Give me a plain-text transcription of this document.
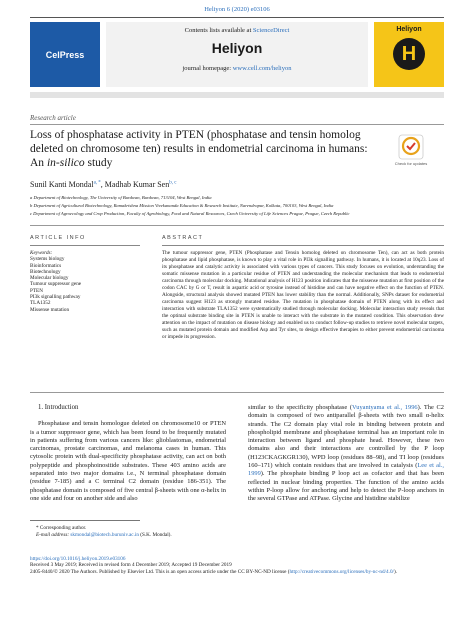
Heliyon 6 (2020) e03106
CelPress
Contents lists available at ScienceDirect
Heliyon
journal homepage: www.cell.com/heliyon
Heliyon
H
Research article
Loss of phosphatase activity in PTEN (phosphatase and tensin homolog deleted on chromosome ten) results in endometrial carcinoma in humans: An in-silico study	Check for updates
Sunil Kanti Mondal$^{a, *}$, Madhab Kumar Sen$^{b, c}$
a Department of Biotechnology, The University of Burdwan, Burdwan, 713104, West Bengal, India
b Department of Agricultural Biotechnology, Ramakrishna Mission Vivekananda Education & Research Institute, Narendrapur, Kolkata, 700103, West Bengal, India
c Department of Agroecology and Crop Production, Faculty of Agrobiology, Food and Natural Resources, Czech University of Life Sciences Prague, Prague, Czech Republic
ARTICLE INFO	ABSTRACT
Keywords:
Systems biology
Bioinformatics
Biotechnology
Molecular biology
Tumour suppressor gene
PTEN
PI3k signalling pathway
TLA1352
Missense mutation
The tumour suppressor gene, PTEN (Phosphatase and Tensin homolog deleted on chromosome Ten), can act as both protein phosphatase and lipid phosphatase, is known to play a vital role in PI3k signalling pathway. In humans, it is located at 10q23. Loss of its phosphatase and catalytic activity is associated with various types of cancers. This study focuses on evolution, understanding the somatic missense mutation in a particular residue of PTEN and understanding the molecular mechanism that leads to endometrial carcinoma through molecular docking. Mutational analysis of H123 position indicates that the missense mutation at first position of the codon CAC by G or T, result in aspartic acid or tyrosine instead of histidine and can have negative effect on the function of PTEN. Alongside, structural analysis showed mutated PTEN has lower stability than the normal. Additionally, SNPs dataset for endometrial carcinoma suggest H123 as strongly mutated residue. The mutation in phosphatase domain of PTEN along with its effect and interaction with substrate TLA1352 were systematically studied through molecular docking. Molecular interaction study reveals that the optimal substrate binding site in PTEN is unable to interact with the substrate in the mutated condition. This observation drew attention on the impact of mutation on disease biology and enabled us to conduct follow-up studies to retrieve novel molecular targets, such as mutated protein domain and modified Asp and Tyr sites, to design effective therapies to either prevent endometrial carcinoma or impede its progression.
1. Introduction

Phosphatase and tensin homologue deleted on chromosome10 or PTEN is a tumor suppressor gene, which has been found to be frequently mutated in patients suffering from various cancers like: glioblastomas, endometrial carcinomas, prostate carcinomas, and melanoma cases in human. This cytosolic protein with dual-specificity phosphatase activity, can act on both polypeptide and phosphoinositide substrates. These 403 amino acids are separated into two major domains i.e., N terminal phosphatase domain (residue 7-185) and a C terminal C2 domain (residue 186-351). The phosphatase domain is composed of five central β-sheets with one α-helix in one side and four on another side and also

similar to the specificity phosphatase (Vuyantyama et al., 1996). The C2 domain is composed of two antiparallel β-sheets with two small α-helix strands. The C2 domain play vital role in binding between protein and phospholipid membrane and phosphatase terminal has an important role in interaction between ligand and phosphate head. However, these two domains also and their interactions are controlled by the P loop (H123CKAGKGR130), WPD loop (residues 88–98), and TI loop (residues 160–171) which contain residues that are involved in catalysis (Lee et al., 1999). The phosphate binding P loop act as cofactor and that has been reflected in nuclear binding properties. The function of the amino acids within P-loop allow for anchoring and help to detect the P-loop anchors in the several GTPase and ATPase. Glycine and histidine stabilize

* Corresponding author.
E-mail address: skmondal@biotech.buruniv.ac.in (S.K. Mondal).
https://doi.org/10.1016/j.heliyon.2019.e03106
Received 3 May 2019; Received in revised form 4 December 2019; Accepted 19 December 2019
2405-8440/© 2020 The Authors. Published by Elsevier Ltd. This is an open access article under the CC BY-NC-ND license (http://creativecommons.org/licenses/by-nc-nd/4.0/).
